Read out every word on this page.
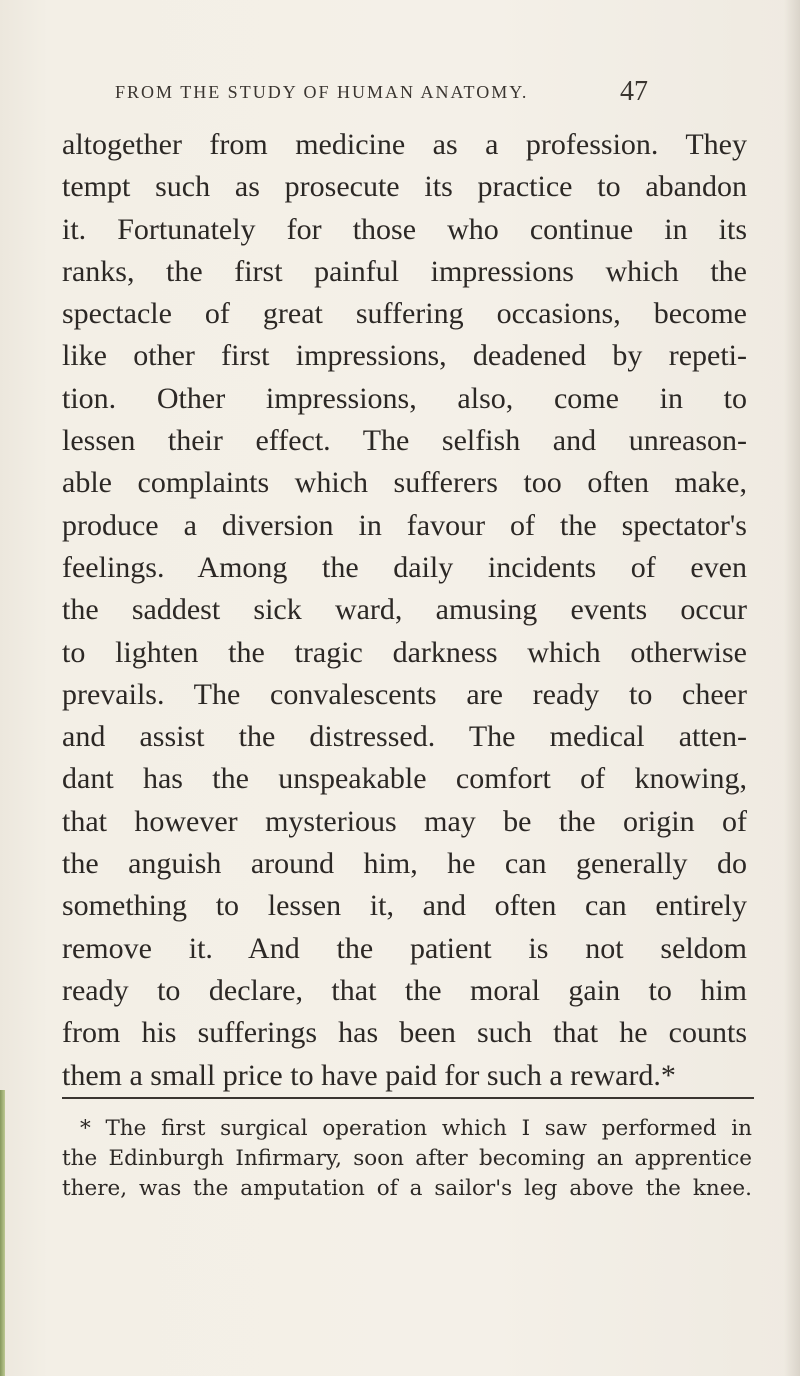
FROM THE STUDY OF HUMAN ANATOMY.	47
altogether from medicine as a profession. They
tempt such as prosecute its practice to abandon
it. Fortunately for those who continue in its
ranks, the first painful impressions which the
spectacle of great suffering occasions, become
like other first impressions, deadened by repeti-
tion. Other impressions, also, come in to
lessen their effect. The selfish and unreason-
able complaints which sufferers too often make,
produce a diversion in favour of the spectator's
feelings. Among the daily incidents of even
the saddest sick ward, amusing events occur
to lighten the tragic darkness which otherwise
prevails. The convalescents are ready to cheer
and assist the distressed. The medical atten-
dant has the unspeakable comfort of knowing,
that however mysterious may be the origin of
the anguish around him, he can generally do
something to lessen it, and often can entirely
remove it. And the patient is not seldom
ready to declare, that the moral gain to him
from his sufferings has been such that he counts
them a small price to have paid for such a reward.*
* The first surgical operation which I saw performed in
the Edinburgh Infirmary, soon after becoming an apprentice
there, was the amputation of a sailor's leg above the knee.
